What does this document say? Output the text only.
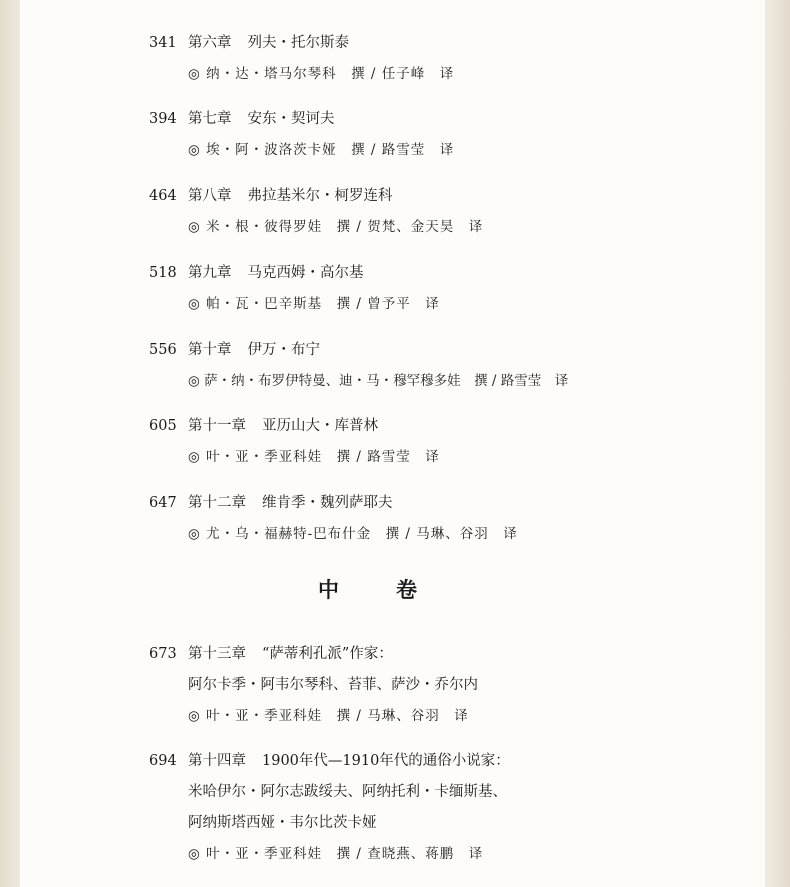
341 第六章 列夫・托尔斯泰
◎ 纳・达・塔马尔琴科　撰 / 任子峰　译
394 第七章 安东・契诃夫
◎ 埃・阿・波洛茨卡娅　撰 / 路雪莹　译
464 第八章 弗拉基米尔・柯罗连科
◎ 米・根・彼得罗娃　撰 / 贺梵、金天昊　译
518 第九章 马克西姆・高尔基
◎ 帕・瓦・巴辛斯基　撰 / 曾予平　译
556 第十章 伊万・布宁
◎ 萨・纳・布罗伊特曼、迪・马・穆罕穆多娃　撰 / 路雪莹　译
605 第十一章 亚历山大・库普林
◎ 叶・亚・季亚科娃　撰 / 路雪莹　译
647 第十二章 维肯季・魏列萨耶夫
◎ 尤・乌・福赫特-巴布什金　撰 / 马琳、谷羽　译
中　卷
673 第十三章 “萨蒂利孔派”作家：
阿尔卡季・阿韦尔琴科、苔菲、萨沙・乔尔内
◎ 叶・亚・季亚科娃　撰 / 马琳、谷羽　译
694 第十四章 1900年代—1910年代的通俗小说家：
米哈伊尔・阿尔志跋绥夫、阿纳托利・卡缅斯基、
阿纳斯塔西娅・韦尔比茨卡娅
◎ 叶・亚・季亚科娃　撰 / 查晓燕、蒋鹏　译
